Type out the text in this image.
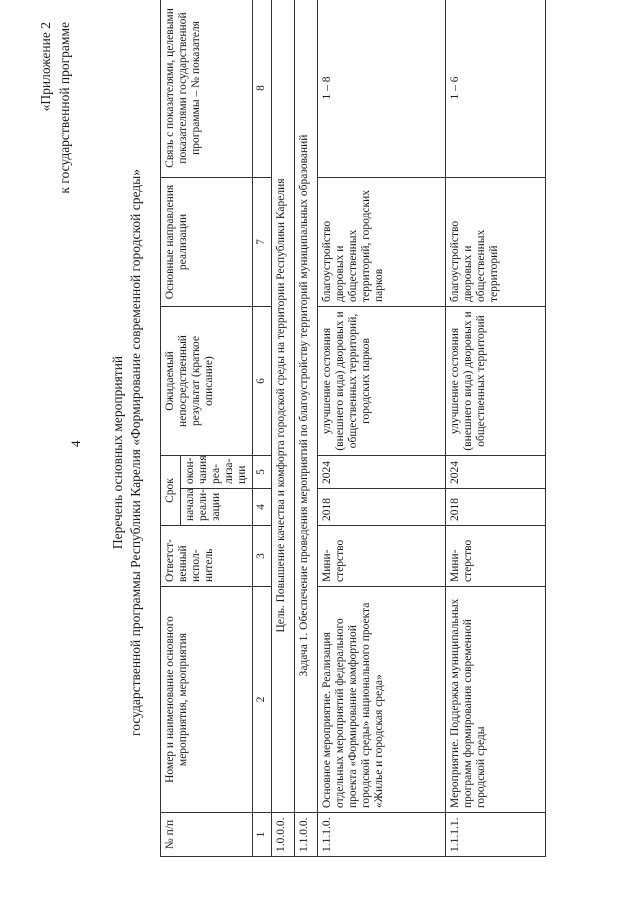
4
«Приложение 2 к государственной программе
Перечень основных мероприятий государственной программы Республики Карелия «Формирование современной городской среды»
№ п/п	Номер и наименование основного мероприятия, мероприятия	Ответст-венный испол-нитель	Срок		Ожидаемый непосредственный результат (краткое описание)	Основные направления реализации	Связь с показателями, целевыми показателями государственной программы – № показателя
			начала реали-зации	окон-чания реа-лиза-ции			
1	2	3	4	5	6	7	8
1.0.0.0.	Цель. Повышение качества и комфорта городской среды на территории Республики Карелия						
1.1.0.0.	Задача 1. Обеспечение проведения мероприятий по благоустройству территорий муниципальных образований						
1.1.1.0.	Основное мероприятие. Реализация отдельных мероприятий федерального проекта «Формирование комфортной городской среды» национального проекта «Жилье и городская среда»	Мини-стерство	2018	2024	улучшение состояния (внешнего вида) дворовых и общественных территорий, городских парков	благоустройство дворовых и общественных территорий, городских парков	1 – 8
1.1.1.1.	Мероприятие. Поддержка муниципальных программ формирования современной городской среды	Мини-стерство	2018	2024	улучшение состояния (внешнего вида) дворовых и общественных территорий	благоустройство дворовых и общественных территорий	1 – 6
